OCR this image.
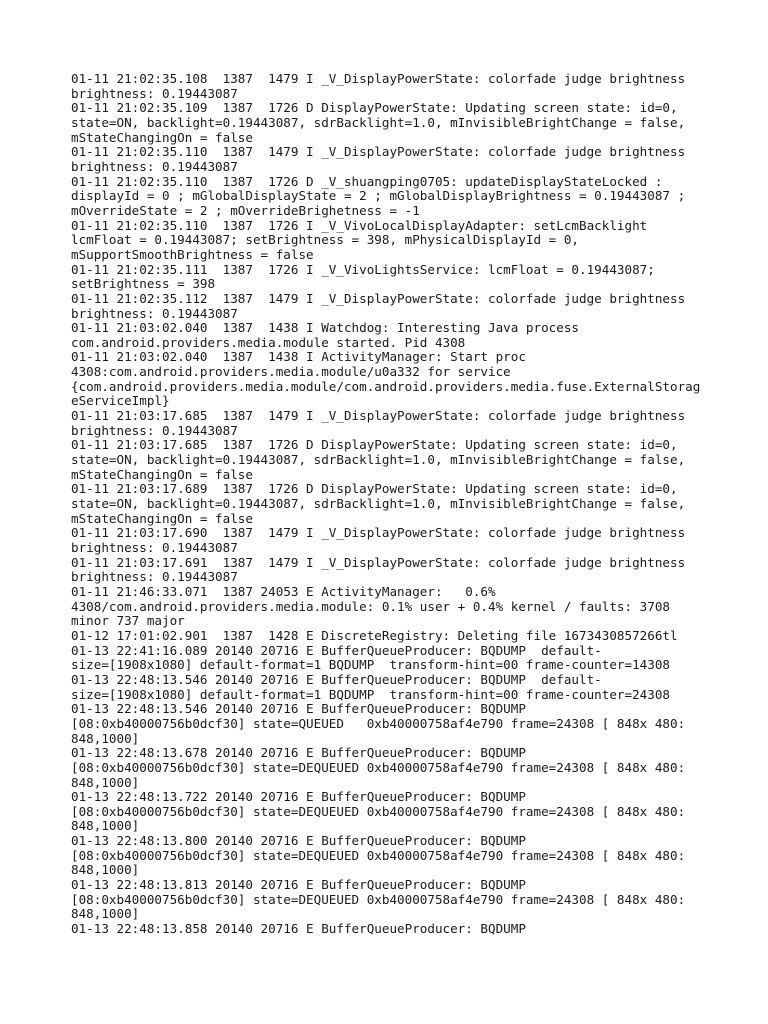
01-11 21:02:35.108  1387  1479 I _V_DisplayPowerState: colorfade judge brightness
brightness: 0.19443087
01-11 21:02:35.109  1387  1726 D DisplayPowerState: Updating screen state: id=0,
state=ON, backlight=0.19443087, sdrBacklight=1.0, mInvisibleBrightChange = false,
mStateChangingOn = false
01-11 21:02:35.110  1387  1479 I _V_DisplayPowerState: colorfade judge brightness
brightness: 0.19443087
01-11 21:02:35.110  1387  1726 D _V_shuangping0705: updateDisplayStateLocked :
displayId = 0 ; mGlobalDisplayState = 2 ; mGlobalDisplayBrightness = 0.19443087 ;
mOverrideState = 2 ; mOverrideBrighetness = -1
01-11 21:02:35.110  1387  1726 I _V_VivoLocalDisplayAdapter: setLcmBacklight
lcmFloat = 0.19443087; setBrightness = 398, mPhysicalDisplayId = 0,
mSupportSmoothBrightness = false
01-11 21:02:35.111  1387  1726 I _V_VivoLightsService: lcmFloat = 0.19443087;
setBrightness = 398
01-11 21:02:35.112  1387  1479 I _V_DisplayPowerState: colorfade judge brightness
brightness: 0.19443087
01-11 21:03:02.040  1387  1438 I Watchdog: Interesting Java process
com.android.providers.media.module started. Pid 4308
01-11 21:03:02.040  1387  1438 I ActivityManager: Start proc
4308:com.android.providers.media.module/u0a332 for service
{com.android.providers.media.module/com.android.providers.media.fuse.ExternalStorag
eServiceImpl}
01-11 21:03:17.685  1387  1479 I _V_DisplayPowerState: colorfade judge brightness
brightness: 0.19443087
01-11 21:03:17.685  1387  1726 D DisplayPowerState: Updating screen state: id=0,
state=ON, backlight=0.19443087, sdrBacklight=1.0, mInvisibleBrightChange = false,
mStateChangingOn = false
01-11 21:03:17.689  1387  1726 D DisplayPowerState: Updating screen state: id=0,
state=ON, backlight=0.19443087, sdrBacklight=1.0, mInvisibleBrightChange = false,
mStateChangingOn = false
01-11 21:03:17.690  1387  1479 I _V_DisplayPowerState: colorfade judge brightness
brightness: 0.19443087
01-11 21:03:17.691  1387  1479 I _V_DisplayPowerState: colorfade judge brightness
brightness: 0.19443087
01-11 21:46:33.071  1387 24053 E ActivityManager:   0.6%
4308/com.android.providers.media.module: 0.1% user + 0.4% kernel / faults: 3708
minor 737 major
01-12 17:01:02.901  1387  1428 E DiscreteRegistry: Deleting file 1673430857266tl
01-13 22:41:16.089 20140 20716 E BufferQueueProducer: BQDUMP  default-
size=[1908x1080] default-format=1 BQDUMP  transform-hint=00 frame-counter=14308
01-13 22:48:13.546 20140 20716 E BufferQueueProducer: BQDUMP  default-
size=[1908x1080] default-format=1 BQDUMP  transform-hint=00 frame-counter=24308
01-13 22:48:13.546 20140 20716 E BufferQueueProducer: BQDUMP
[08:0xb40000756b0dcf30] state=QUEUED   0xb40000758af4e790 frame=24308 [ 848x 480:
848,1000]
01-13 22:48:13.678 20140 20716 E BufferQueueProducer: BQDUMP
[08:0xb40000756b0dcf30] state=DEQUEUED 0xb40000758af4e790 frame=24308 [ 848x 480:
848,1000]
01-13 22:48:13.722 20140 20716 E BufferQueueProducer: BQDUMP
[08:0xb40000756b0dcf30] state=DEQUEUED 0xb40000758af4e790 frame=24308 [ 848x 480:
848,1000]
01-13 22:48:13.800 20140 20716 E BufferQueueProducer: BQDUMP
[08:0xb40000756b0dcf30] state=DEQUEUED 0xb40000758af4e790 frame=24308 [ 848x 480:
848,1000]
01-13 22:48:13.813 20140 20716 E BufferQueueProducer: BQDUMP
[08:0xb40000756b0dcf30] state=DEQUEUED 0xb40000758af4e790 frame=24308 [ 848x 480:
848,1000]
01-13 22:48:13.858 20140 20716 E BufferQueueProducer: BQDUMP
